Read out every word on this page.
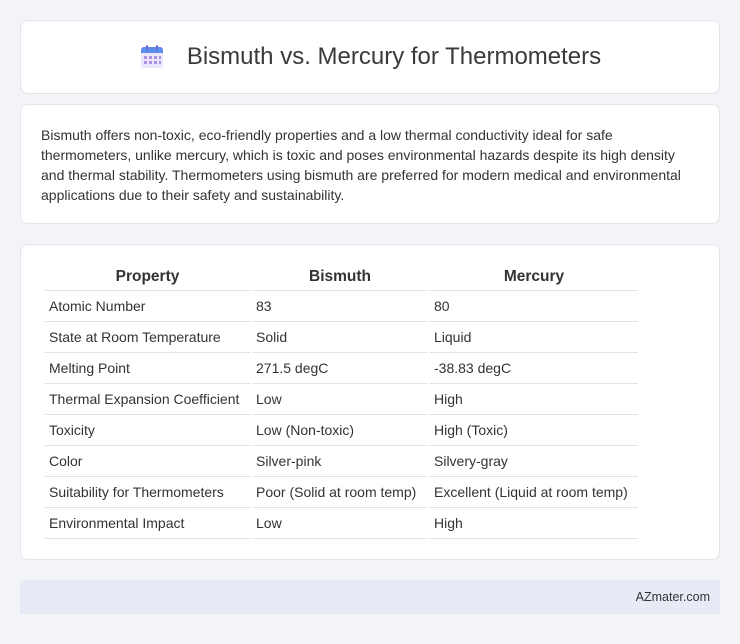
Bismuth vs. Mercury for Thermometers

Bismuth offers non-toxic, eco-friendly properties and a low thermal conductivity ideal for safe thermometers, unlike mercury, which is toxic and poses environmental hazards despite its high density and thermal stability. Thermometers using bismuth are preferred for modern medical and environmental applications due to their safety and sustainability.

Property	Bismuth	Mercury
Atomic Number	83	80
State at Room Temperature	Solid	Liquid
Melting Point	271.5 degC	-38.83 degC
Thermal Expansion Coefficient	Low	High
Toxicity	Low (Non-toxic)	High (Toxic)
Color	Silver-pink	Silvery-gray
Suitability for Thermometers	Poor (Solid at room temp)	Excellent (Liquid at room temp)
Environmental Impact	Low	High
AZmater.com
